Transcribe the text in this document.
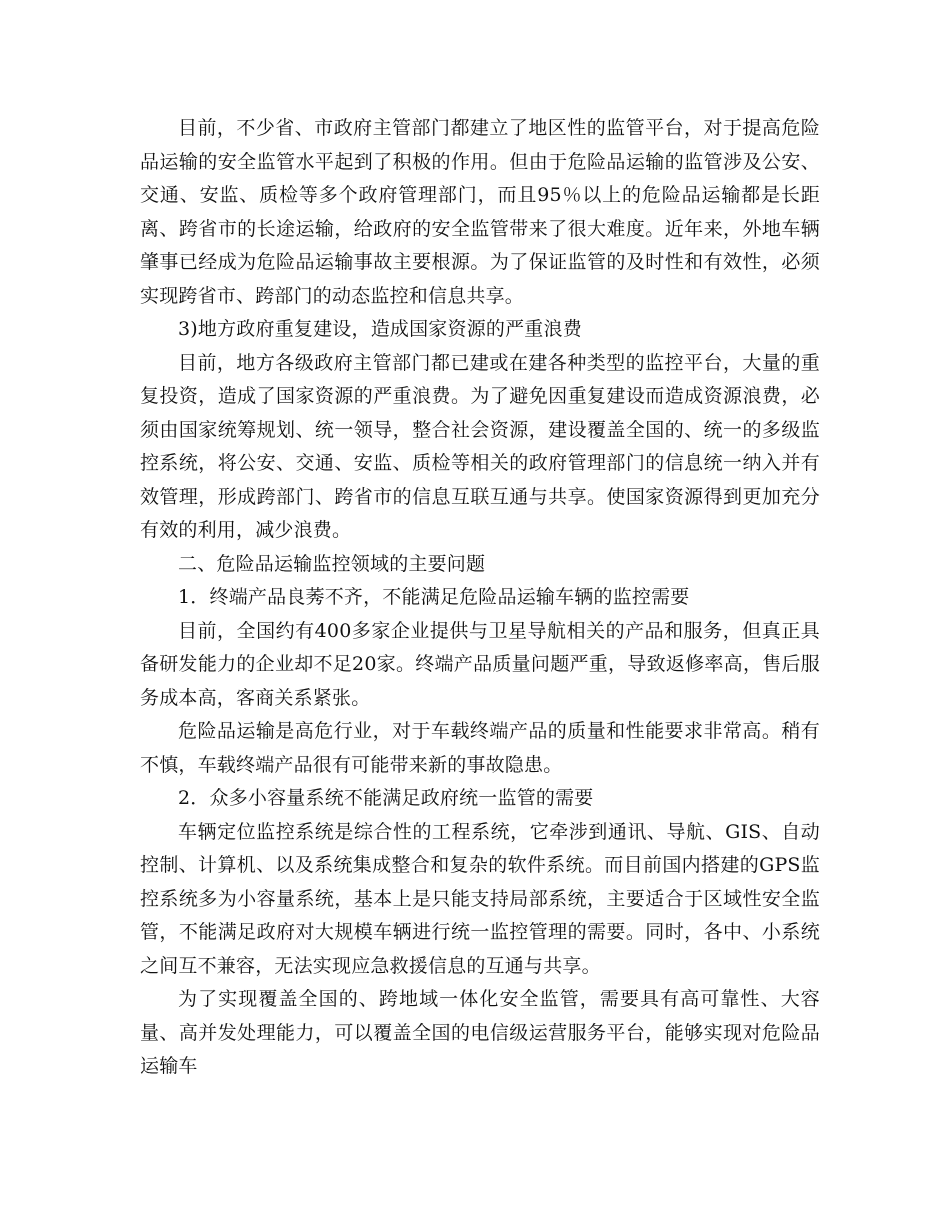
目前，不少省、市政府主管部门都建立了地区性的监管平台，对于提高危险品运输的安全监管水平起到了积极的作用。但由于危险品运输的监管涉及公安、交通、安监、质检等多个政府管理部门，而且95％以上的危险品运输都是长距离、跨省市的长途运输，给政府的安全监管带来了很大难度。近年来，外地车辆肇事已经成为危险品运输事故主要根源。为了保证监管的及时性和有效性，必须实现跨省市、跨部门的动态监控和信息共享。

3)地方政府重复建设，造成国家资源的严重浪费

目前，地方各级政府主管部门都已建或在建各种类型的监控平台，大量的重复投资，造成了国家资源的严重浪费。为了避免因重复建设而造成资源浪费，必须由国家统筹规划、统一领导，整合社会资源，建设覆盖全国的、统一的多级监控系统，将公安、交通、安监、质检等相关的政府管理部门的信息统一纳入并有效管理，形成跨部门、跨省市的信息互联互通与共享。使国家资源得到更加充分有效的利用，减少浪费。

二、危险品运输监控领域的主要问题

1．终端产品良莠不齐，不能满足危险品运输车辆的监控需要

目前，全国约有400多家企业提供与卫星导航相关的产品和服务，但真正具备研发能力的企业却不足20家。终端产品质量问题严重，导致返修率高，售后服务成本高，客商关系紧张。

危险品运输是高危行业，对于车载终端产品的质量和性能要求非常高。稍有不慎，车载终端产品很有可能带来新的事故隐患。

2．众多小容量系统不能满足政府统一监管的需要

车辆定位监控系统是综合性的工程系统，它牵涉到通讯、导航、GIS、自动控制、计算机、以及系统集成整合和复杂的软件系统。而目前国内搭建的GPS监控系统多为小容量系统，基本上是只能支持局部系统，主要适合于区域性安全监管，不能满足政府对大规模车辆进行统一监控管理的需要。同时，各中、小系统之间互不兼容，无法实现应急救援信息的互通与共享。

为了实现覆盖全国的、跨地域一体化安全监管，需要具有高可靠性、大容量、高并发处理能力，可以覆盖全国的电信级运营服务平台，能够实现对危险品运输车
